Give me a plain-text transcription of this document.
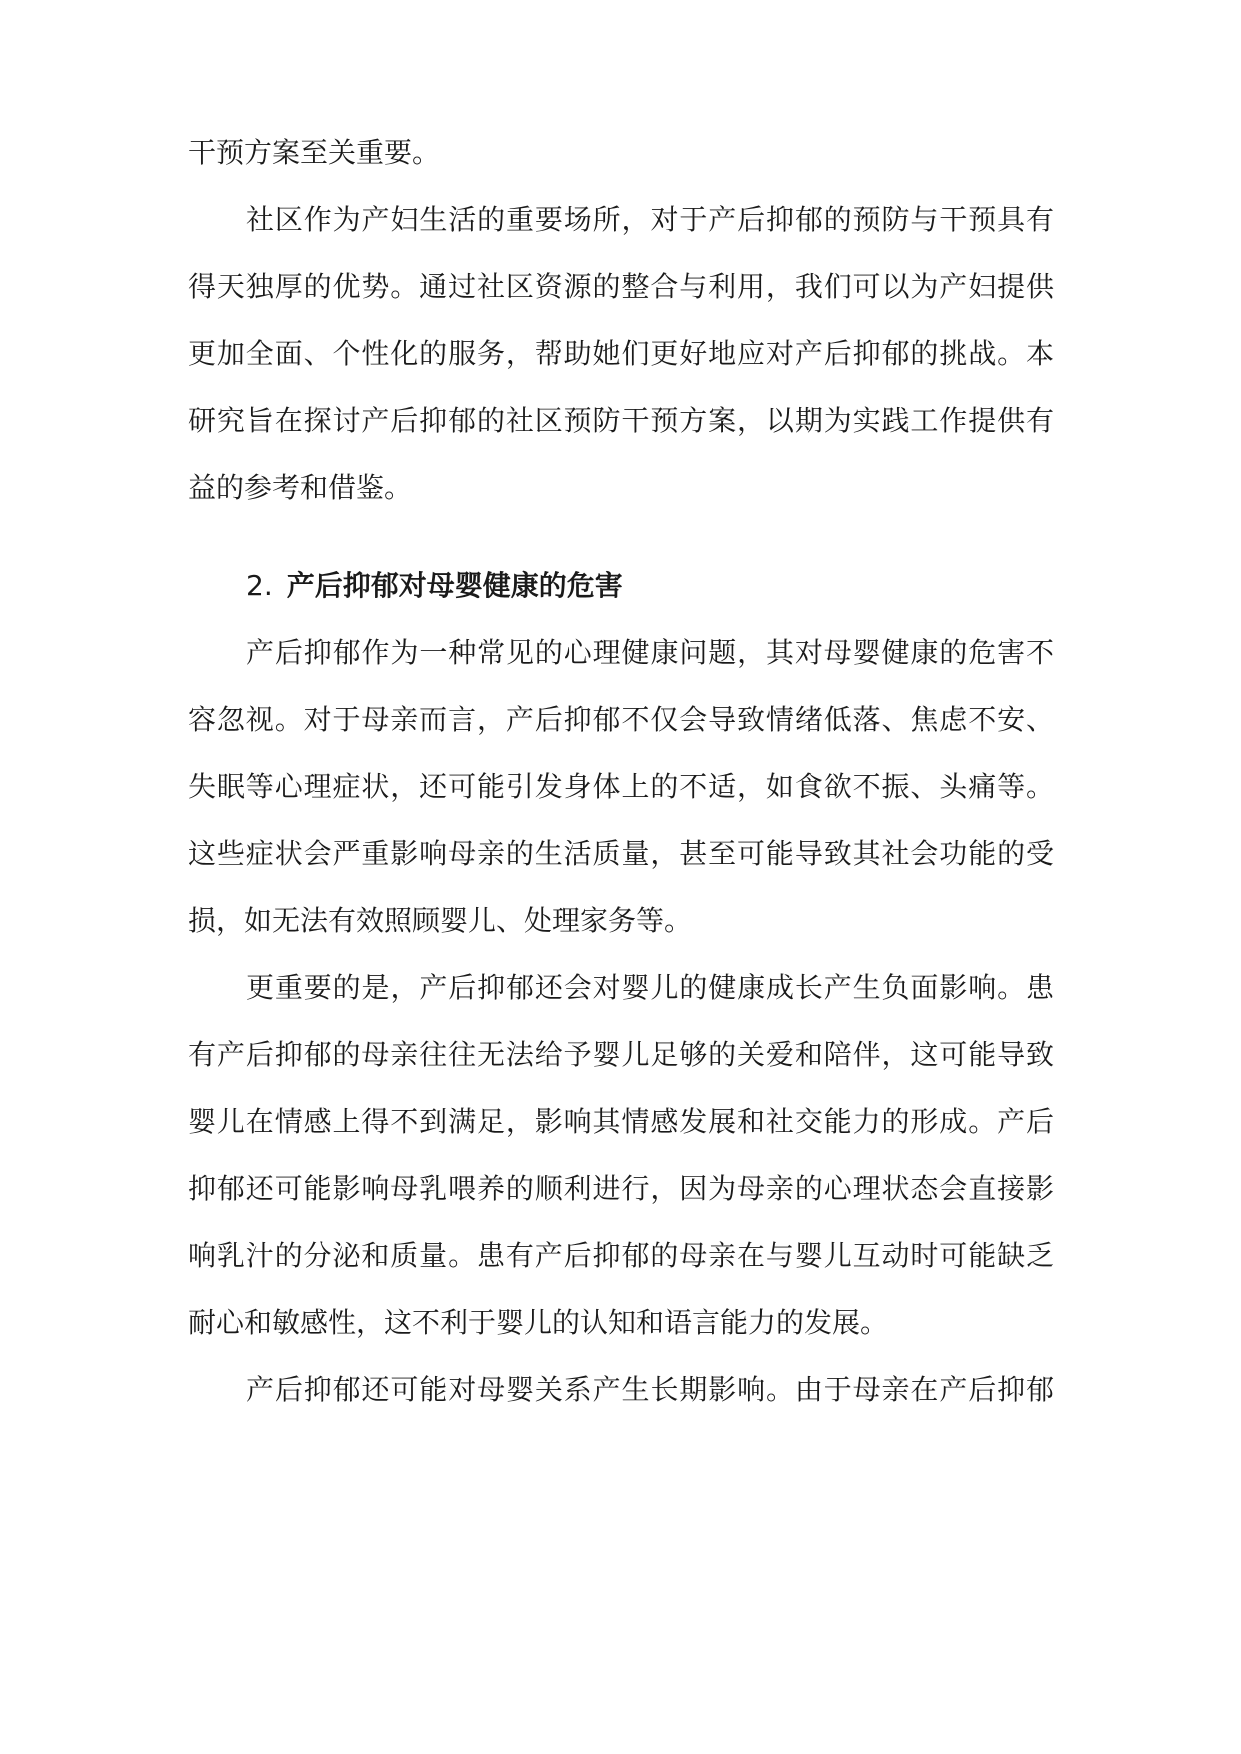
干预方案至关重要。
社区作为产妇生活的重要场所，对于产后抑郁的预防与干预具有
得天独厚的优势。通过社区资源的整合与利用，我们可以为产妇提供
更加全面、个性化的服务，帮助她们更好地应对产后抑郁的挑战。本
研究旨在探讨产后抑郁的社区预防干预方案，以期为实践工作提供有
益的参考和借鉴。
2. 产后抑郁对母婴健康的危害
产后抑郁作为一种常见的心理健康问题，其对母婴健康的危害不
容忽视。对于母亲而言，产后抑郁不仅会导致情绪低落、焦虑不安、
失眠等心理症状，还可能引发身体上的不适，如食欲不振、头痛等。
这些症状会严重影响母亲的生活质量，甚至可能导致其社会功能的受
损，如无法有效照顾婴儿、处理家务等。
更重要的是，产后抑郁还会对婴儿的健康成长产生负面影响。患
有产后抑郁的母亲往往无法给予婴儿足够的关爱和陪伴，这可能导致
婴儿在情感上得不到满足，影响其情感发展和社交能力的形成。产后
抑郁还可能影响母乳喂养的顺利进行，因为母亲的心理状态会直接影
响乳汁的分泌和质量。患有产后抑郁的母亲在与婴儿互动时可能缺乏
耐心和敏感性，这不利于婴儿的认知和语言能力的发展。
产后抑郁还可能对母婴关系产生长期影响。由于母亲在产后抑郁
